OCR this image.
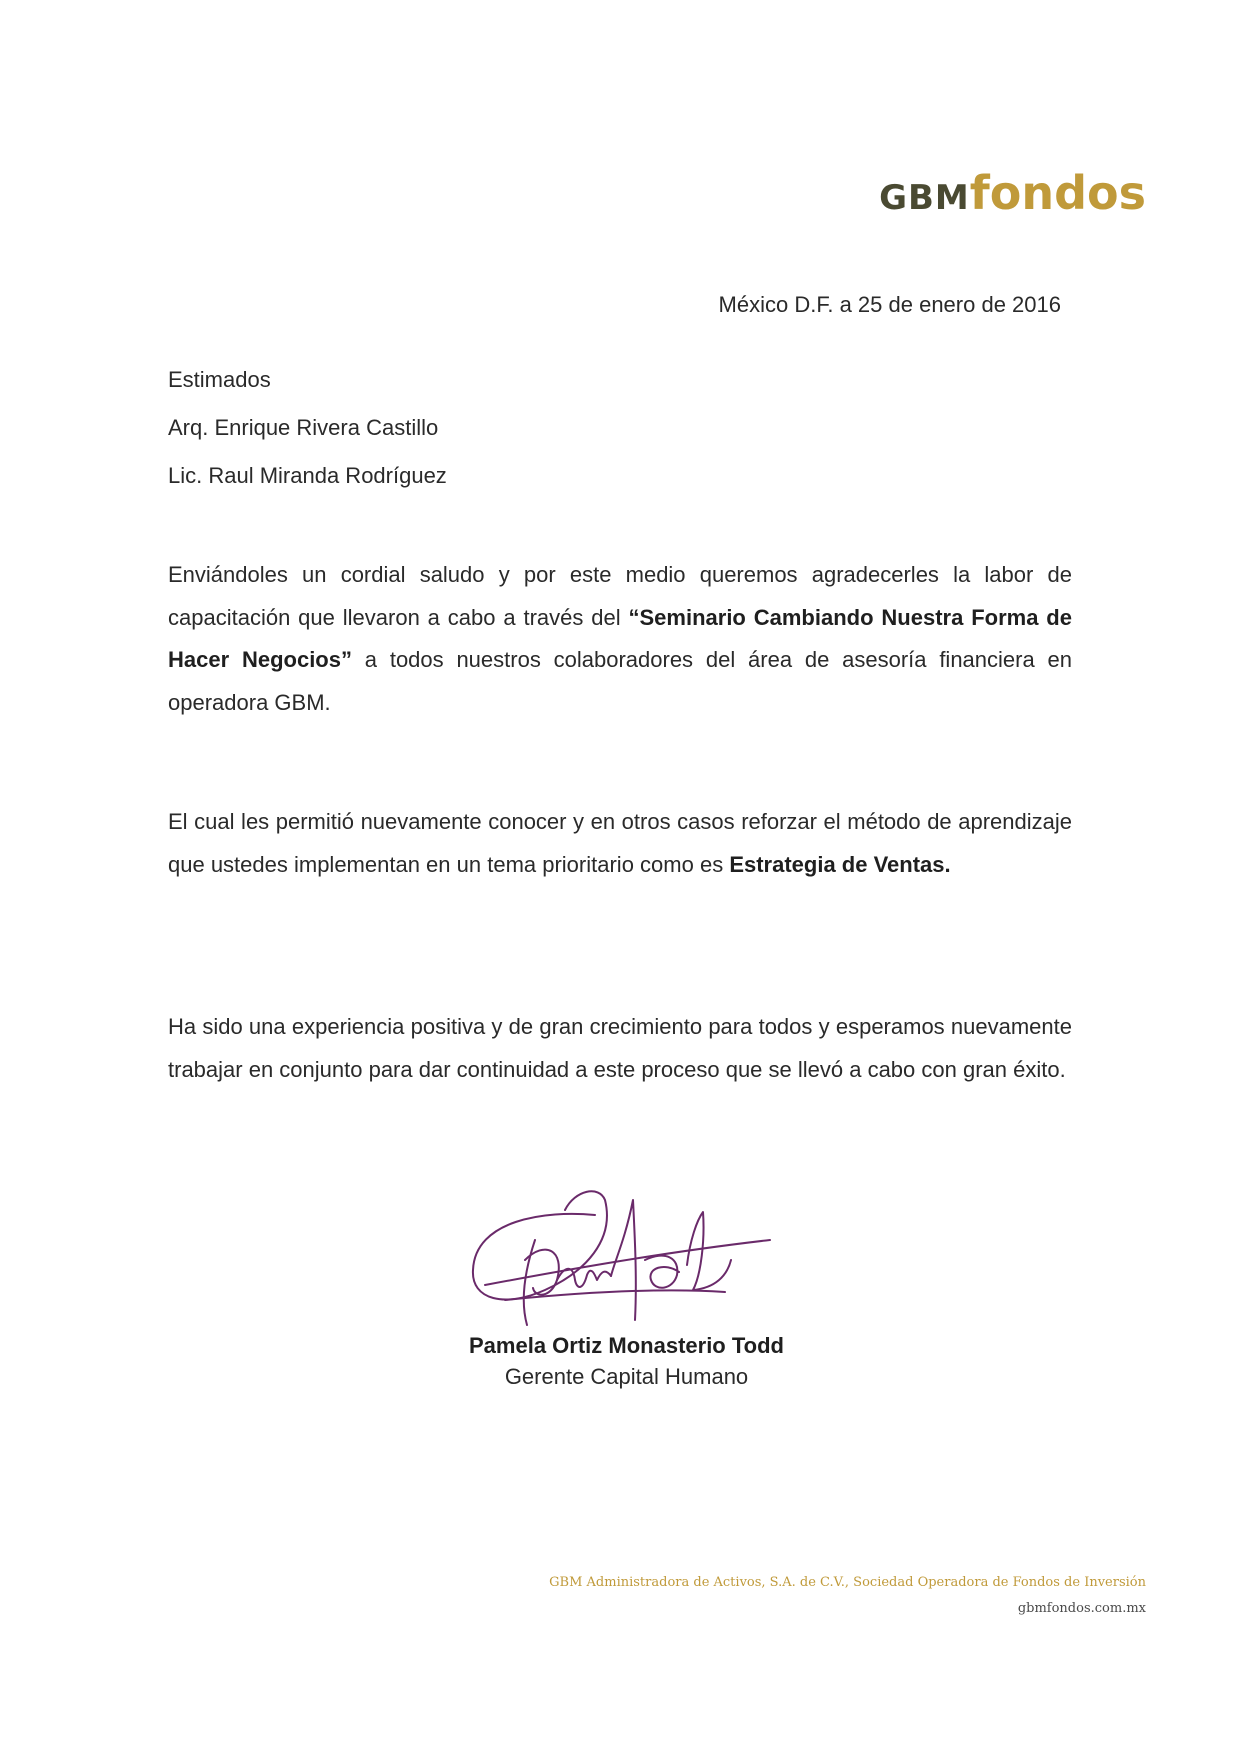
GBMfondos
México D.F. a 25 de enero de 2016
Estimados
Arq. Enrique Rivera Castillo
Lic. Raul Miranda Rodríguez
Enviándoles un cordial saludo y por este medio queremos agradecerles la labor de capacitación que llevaron a cabo a través del “Seminario Cambiando Nuestra Forma de Hacer Negocios” a todos nuestros colaboradores del área de asesoría financiera en operadora GBM.
El cual les permitió nuevamente conocer y en otros casos reforzar el método de aprendizaje que ustedes implementan en un tema prioritario como es Estrategia de Ventas.
Ha sido una experiencia positiva y de gran crecimiento para todos y esperamos nuevamente trabajar en conjunto para dar continuidad a este proceso que se llevó a cabo con gran éxito.
Pamela Ortiz Monasterio Todd
Gerente Capital Humano
GBM Administradora de Activos, S.A. de C.V., Sociedad Operadora de Fondos de Inversión
gbmfondos.com.mx
